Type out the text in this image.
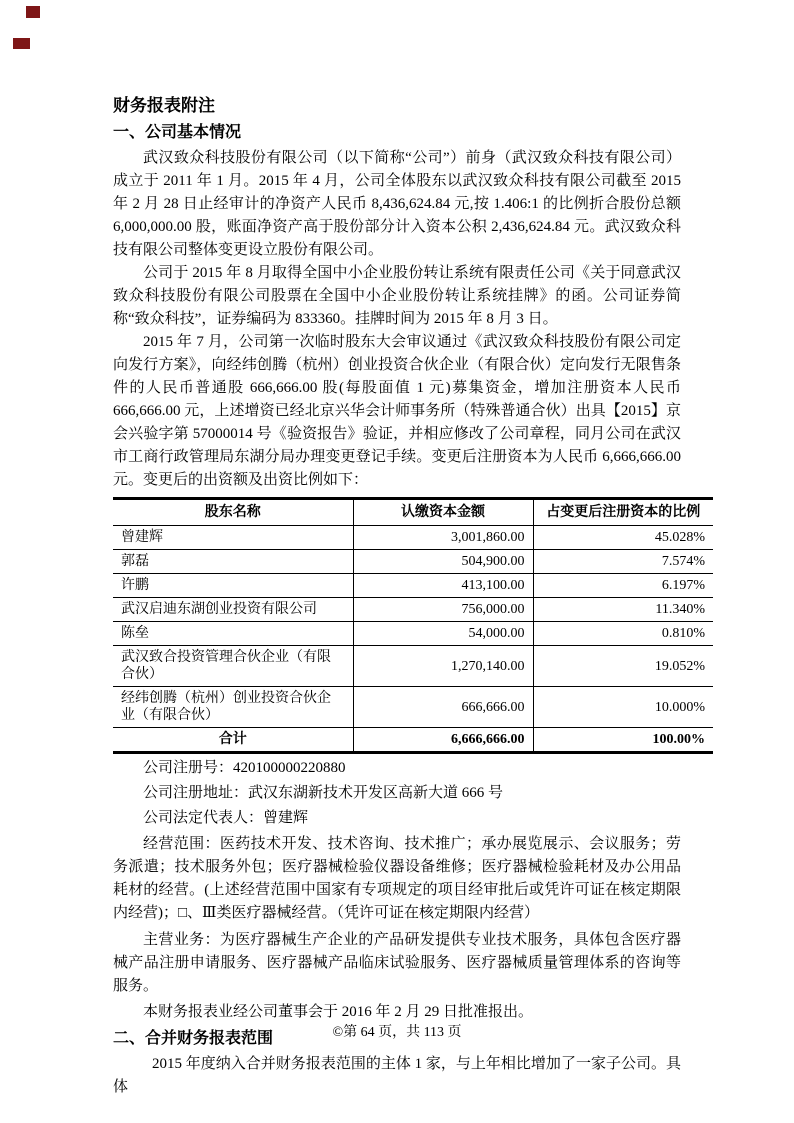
财务报表附注
一、公司基本情况

武汉致众科技股份有限公司（以下简称“公司”）前身（武汉致众科技有限公司）成立于 2011 年 1 月。2015 年 4 月，公司全体股东以武汉致众科技有限公司截至 2015 年 2 月 28 日止经审计的净资产人民币 8,436,624.84 元,按 1.406:1 的比例折合股份总额6,000,000.00 股，账面净资产高于股份部分计入资本公积 2,436,624.84 元。武汉致众科技有限公司整体变更设立股份有限公司。

公司于 2015 年 8 月取得全国中小企业股份转让系统有限责任公司《关于同意武汉致众科技股份有限公司股票在全国中小企业股份转让系统挂牌》的函。公司证券简称“致众科技”，证券编码为 833360。挂牌时间为 2015 年 8 月 3 日。

2015 年 7 月，公司第一次临时股东大会审议通过《武汉致众科技股份有限公司定向发行方案》，向经纬创腾（杭州）创业投资合伙企业（有限合伙）定向发行无限售条件的人民币普通股 666,666.00 股(每股面值 1 元)募集资金，增加注册资本人民币 666,666.00 元，上述增资已经北京兴华会计师事务所（特殊普通合伙）出具【2015】京会兴验字第 57000014 号《验资报告》验证，并相应修改了公司章程，同月公司在武汉市工商行政管理局东湖分局办理变更登记手续。变更后注册资本为人民币 6,666,666.00 元。变更后的出资额及出资比例如下：

股东名称	认缴资本金额	占变更后注册资本的比例
曾建辉	3,001,860.00	45.028%
郭磊	504,900.00	7.574%
许鹏	413,100.00	6.197%
武汉启迪东湖创业投资有限公司	756,000.00	11.340%
陈垒	54,000.00	0.810%
武汉致合投资管理合伙企业（有限合伙）	1,270,140.00	19.052%
经纬创腾（杭州）创业投资合伙企业（有限合伙）	666,666.00	10.000%
合计	6,666,666.00	100.00%

公司注册号：420100000220880

公司注册地址：武汉东湖新技术开发区高新大道 666 号

公司法定代表人：曾建辉

经营范围：医药技术开发、技术咨询、技术推广；承办展览展示、会议服务；劳务派遣；技术服务外包；医疗器械检验仪器设备维修；医疗器械检验耗材及办公用品耗材的经营。(上述经营范围中国家有专项规定的项目经审批后或凭许可证在核定期限内经营)；□、Ⅲ类医疗器械经营。（凭许可证在核定期限内经营）

主营业务：为医疗器械生产企业的产品研发提供专业技术服务，具体包含医疗器械产品注册申请服务、医疗器械产品临床试验服务、医疗器械质量管理体系的咨询等服务。

本财务报表业经公司董事会于 2016 年 2 月 29 日批准报出。

二、合并财务报表范围

2015 年度纳入合并财务报表范围的主体 1 家，与上年相比增加了一家子公司。具体

©第 64 页，共 113 页
